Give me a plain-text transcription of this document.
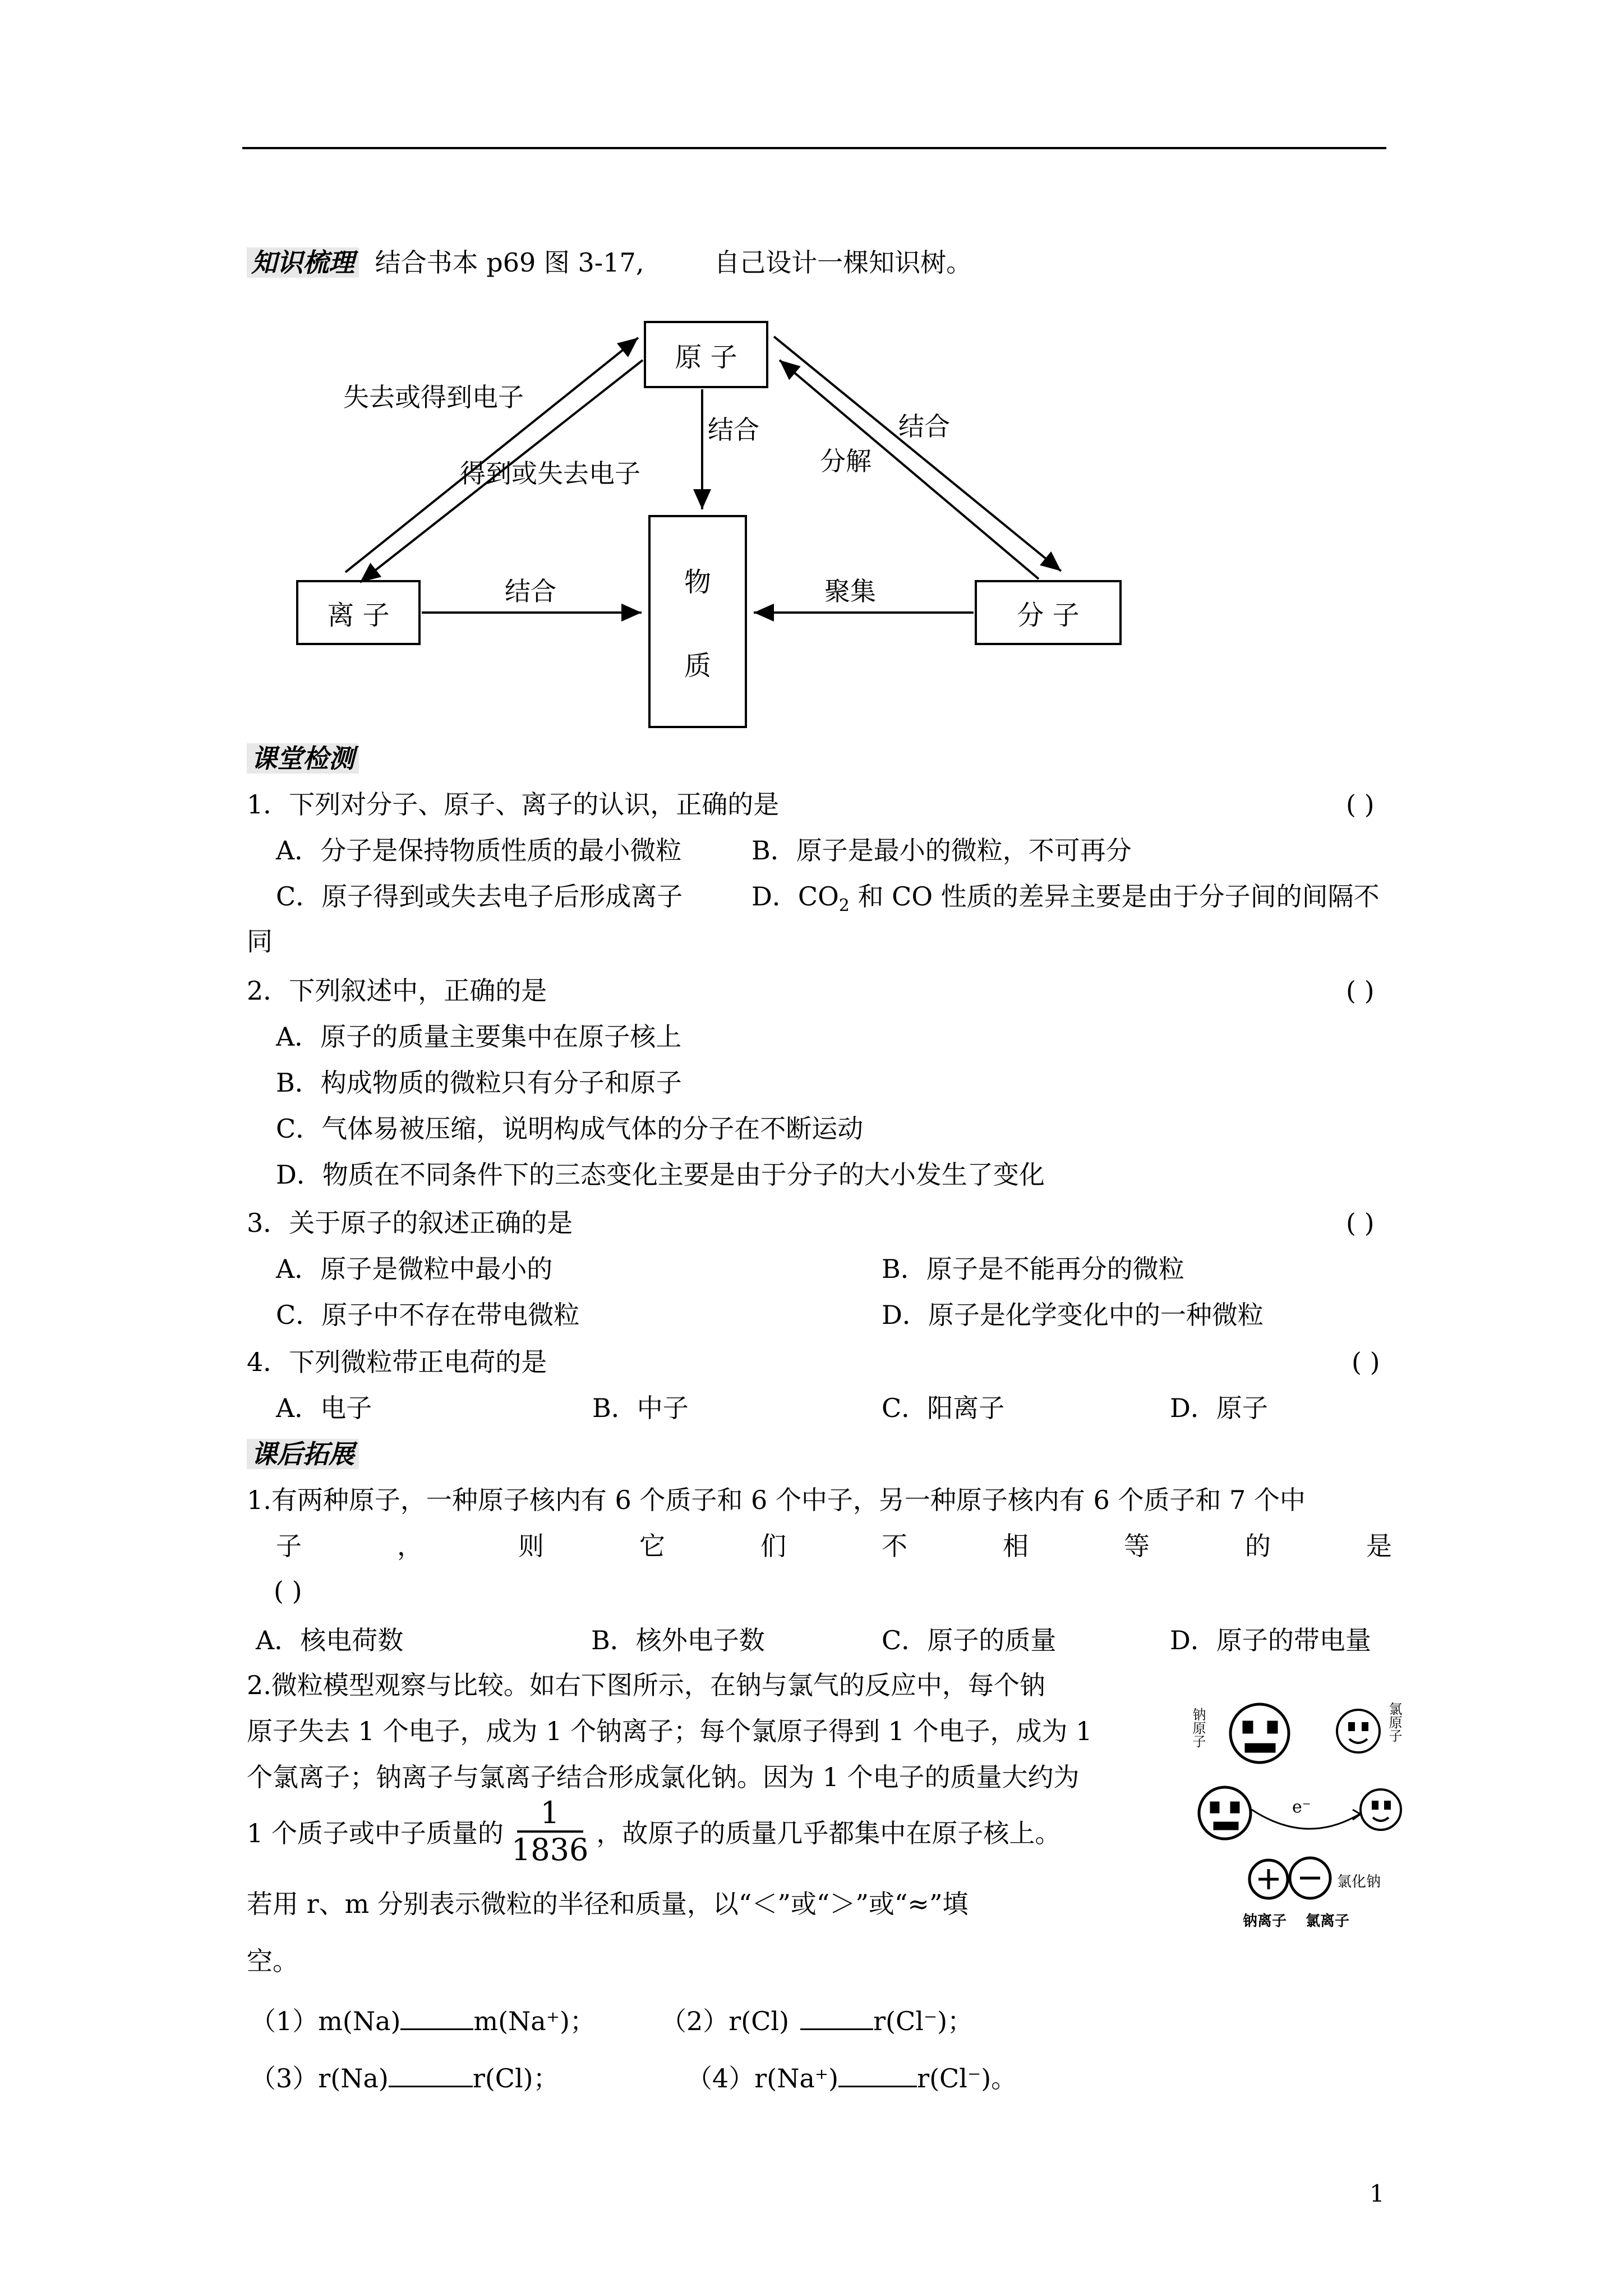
知识梳理 结合书本 p69 图 3-17,	自己设计一棵知识树。
原 子
物
质
离 子	分 子
失去或得到电子
得到或失去电子
结合
分解
结合
结合	聚集
课堂检测
1．下列对分子、原子、离子的认识，正确的是	( )
A．分子是保持物质性质的最小微粒	B．原子是最小的微粒，不可再分
C．原子得到或失去电子后形成离子	D．$CO_2$ 和 CO 性质的差异主要是由于分子间的间隔不
同
2．下列叙述中，正确的是	( )
A．原子的质量主要集中在原子核上
B．构成物质的微粒只有分子和原子
C．气体易被压缩，说明构成气体的分子在不断运动
D．物质在不同条件下的三态变化主要是由于分子的大小发生了变化
3．关于原子的叙述正确的是	( )
A．原子是微粒中最小的	B．原子是不能再分的微粒
C．原子中不存在带电微粒	D．原子是化学变化中的一种微粒
4．下列微粒带正电荷的是	( )
A．电子	B．中子	C．阳离子	D．原子
课后拓展
1.有两种原子，一种原子核内有 6 个质子和 6 个中子，另一种原子核内有 6 个质子和 7 个中
子	，	则	它	们	不	相	等	的	是
( )
A．核电荷数	B．核外电子数	C．原子的质量	D．原子的带电量
2.微粒模型观察与比较。如右下图所示，在钠与氯气的反应中，每个钠
原子失去 1 个电子，成为 1 个钠离子；每个氯原子得到 1 个电子，成为 1
个氯离子；钠离子与氯离子结合形成氯化钠。因为 1 个电子的质量大约为
1 个质子或中子质量的
1
1836 ，故原子的质量几乎都集中在原子核上。
若用 r、m 分别表示微粒的半径和质量，以“＜”或“＞”或“≈”填
空。
（1）m(Na)	m(Na⁺)；	（2）r(Cl)	r(Cl⁻)；
（3）r(Na)	r(Cl)；	（4）r(Na⁺)	r(Cl⁻)。
钠原子	氯原子
e⁻
氯化钠
钠离子 氯离子
1
